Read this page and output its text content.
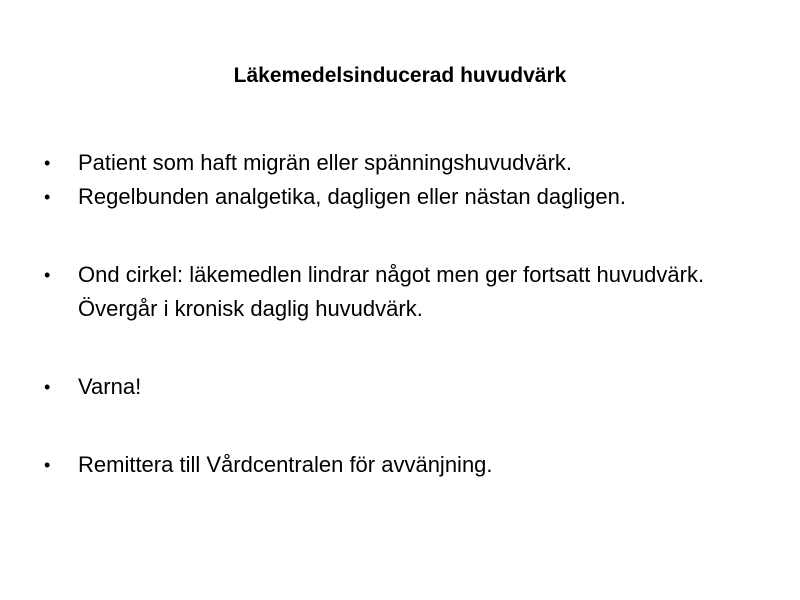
Läkemedelsinducerad huvudvärk
• Patient som haft migrän eller spänningshuvudvärk.
• Regelbunden analgetika, dagligen eller nästan dagligen.
• Ond cirkel: läkemedlen lindrar något men ger fortsatt huvudvärk. Övergår i kronisk daglig huvudvärk.
• Varna!
• Remittera till Vårdcentralen för avvänjning.
